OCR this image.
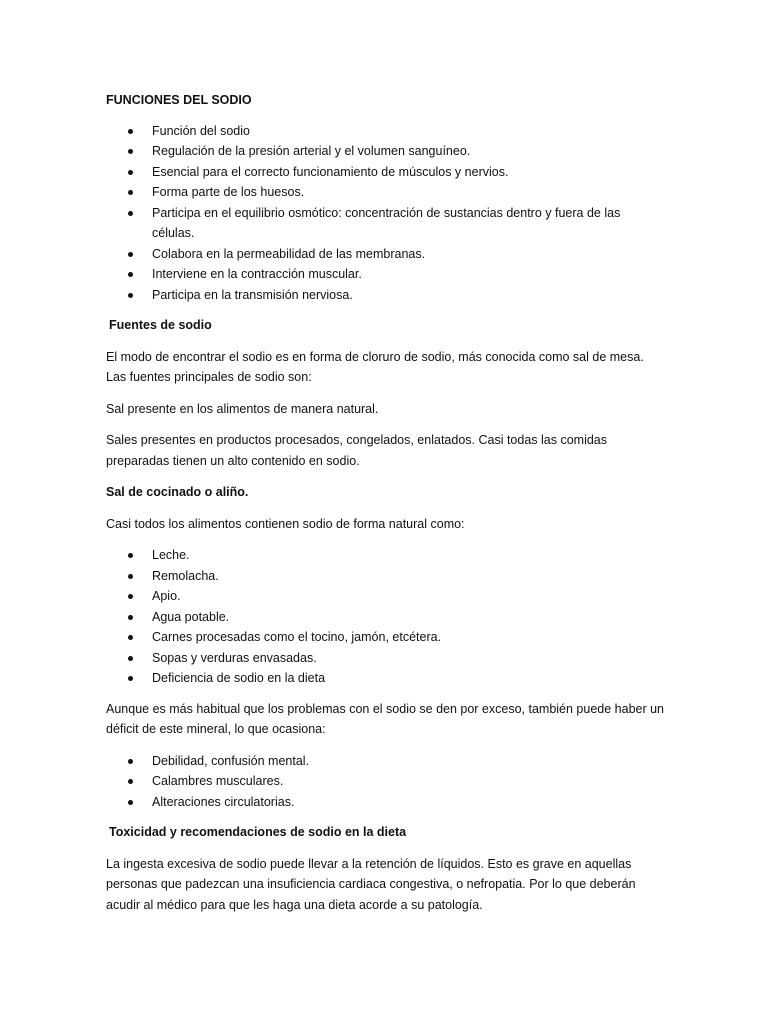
FUNCIONES DEL SODIO
Función del sodio
Regulación de la presión arterial y el volumen sanguíneo.
Esencial para el correcto funcionamiento de músculos y nervios.
Forma parte de los huesos.
Participa en el equilibrio osmótico: concentración de sustancias dentro y fuera de las células.
Colabora en la permeabilidad de las membranas.
Interviene en la contracción muscular.
Participa en la transmisión nerviosa.
Fuentes de sodio

El modo de encontrar el sodio es en forma de cloruro de sodio, más conocida como sal de mesa. Las fuentes principales de sodio son:

Sal presente en los alimentos de manera natural.

Sales presentes en productos procesados, congelados, enlatados. Casi todas las comidas preparadas tienen un alto contenido en sodio.

Sal de cocinado o aliño.

Casi todos los alimentos contienen sodio de forma natural como:

Leche.
Remolacha.
Apio.
Agua potable.
Carnes procesadas como el tocino, jamón, etcétera.
Sopas y verduras envasadas.
Deficiencia de sodio en la dieta

Aunque es más habitual que los problemas con el sodio se den por exceso, también puede haber un déficit de este mineral, lo que ocasiona:

Debilidad, confusión mental.
Calambres musculares.
Alteraciones circulatorias.
Toxicidad y recomendaciones de sodio en la dieta

La ingesta excesiva de sodio puede llevar a la retención de líquidos. Esto es grave en aquellas personas que padezcan una insuficiencia cardiaca congestiva, o nefropatia. Por lo que deberán acudir al médico para que les haga una dieta acorde a su patología.
